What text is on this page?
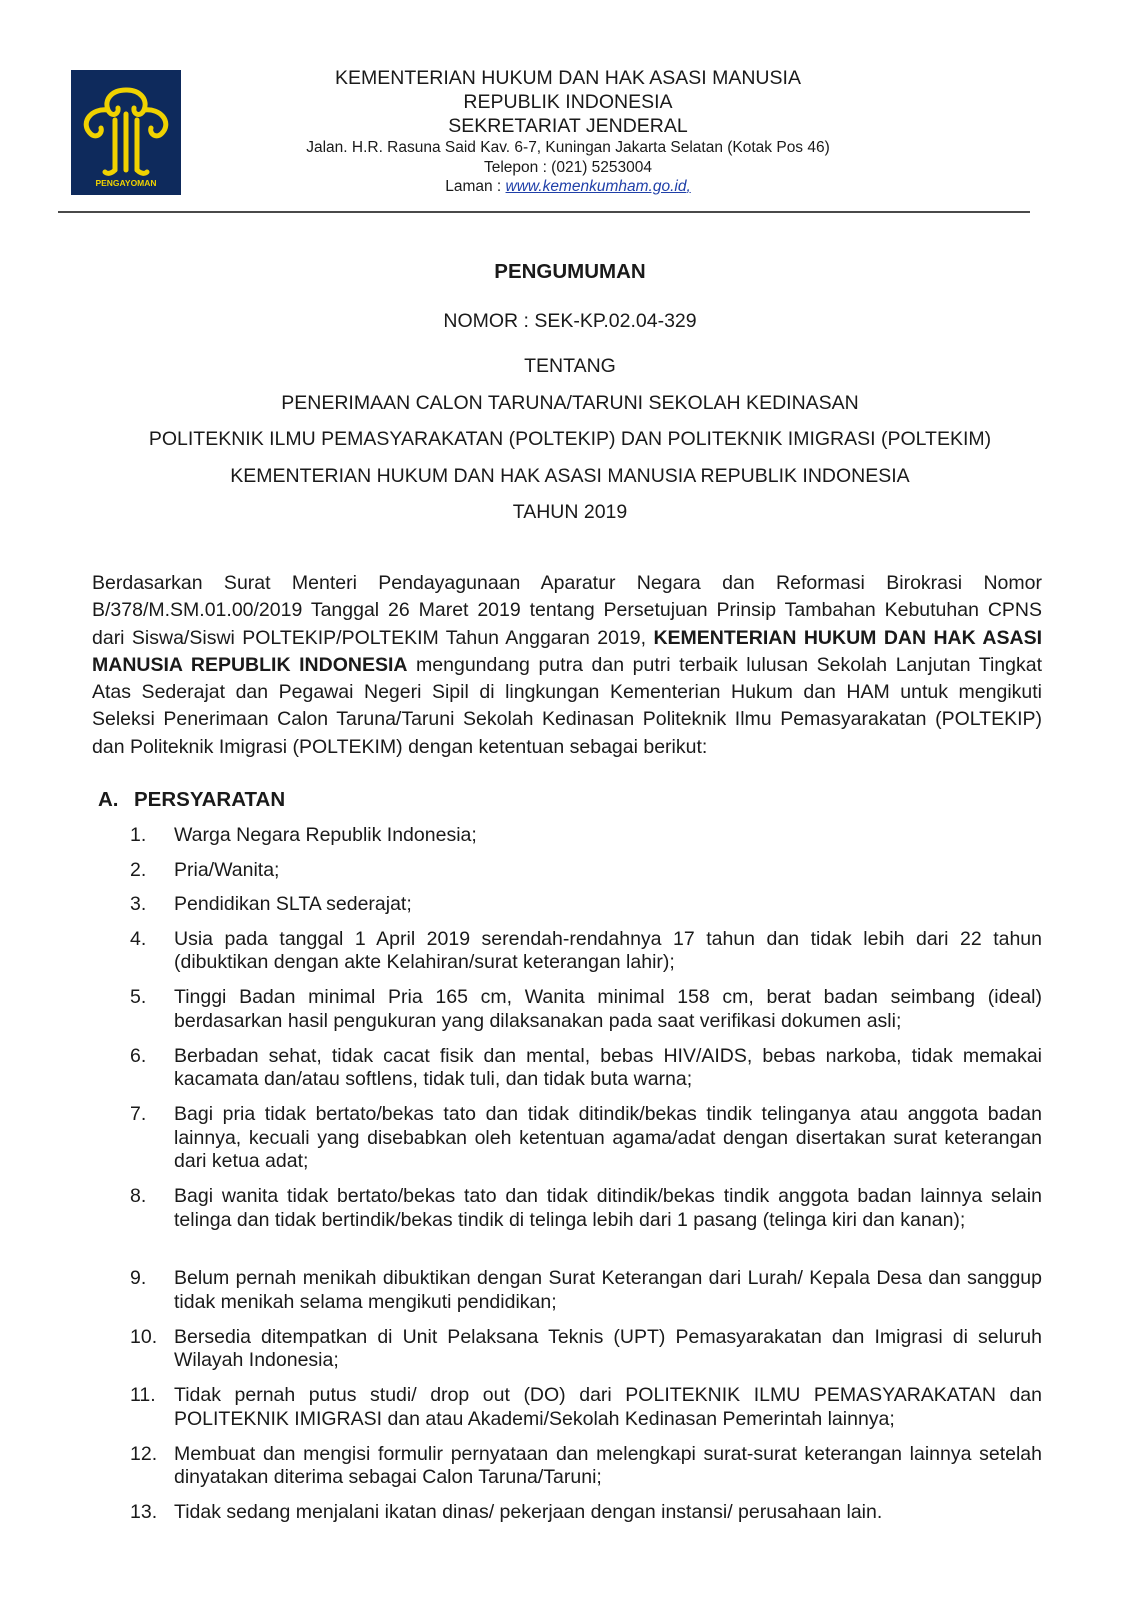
PENGAYOMAN
KEMENTERIAN HUKUM DAN HAK ASASI MANUSIA
REPUBLIK INDONESIA
SEKRETARIAT JENDERAL
Jalan. H.R. Rasuna Said Kav. 6-7, Kuningan Jakarta Selatan (Kotak Pos 46)
Telepon : (021) 5253004
Laman : www.kemenkumham.go.id,
PENGUMUMAN
NOMOR : SEK-KP.02.04-329
TENTANG
PENERIMAAN CALON TARUNA/TARUNI SEKOLAH KEDINASAN
POLITEKNIK ILMU PEMASYARAKATAN (POLTEKIP) DAN POLITEKNIK IMIGRASI (POLTEKIM)
KEMENTERIAN HUKUM DAN HAK ASASI MANUSIA REPUBLIK INDONESIA
TAHUN 2019
Berdasarkan Surat Menteri Pendayagunaan Aparatur Negara dan Reformasi Birokrasi Nomor B/378/M.SM.01.00/2019 Tanggal 26 Maret 2019 tentang Persetujuan Prinsip Tambahan Kebutuhan CPNS dari Siswa/Siswi POLTEKIP/POLTEKIM Tahun Anggaran 2019, KEMENTERIAN HUKUM DAN HAK ASASI MANUSIA REPUBLIK INDONESIA mengundang putra dan putri terbaik lulusan Sekolah Lanjutan Tingkat Atas Sederajat dan Pegawai Negeri Sipil di lingkungan Kementerian Hukum dan HAM untuk mengikuti Seleksi Penerimaan Calon Taruna/Taruni Sekolah Kedinasan Politeknik Ilmu Pemasyarakatan (POLTEKIP) dan Politeknik Imigrasi (POLTEKIM) dengan ketentuan sebagai berikut:
A. PERSYARATAN
1. Warga Negara Republik Indonesia;
2. Pria/Wanita;
3. Pendidikan SLTA sederajat;
4. Usia pada tanggal 1 April 2019 serendah-rendahnya 17 tahun dan tidak lebih dari 22 tahun (dibuktikan dengan akte Kelahiran/surat keterangan lahir);
5. Tinggi Badan minimal Pria 165 cm, Wanita minimal 158 cm, berat badan seimbang (ideal) berdasarkan hasil pengukuran yang dilaksanakan pada saat verifikasi dokumen asli;
6. Berbadan sehat, tidak cacat fisik dan mental, bebas HIV/AIDS, bebas narkoba, tidak memakai kacamata dan/atau softlens, tidak tuli, dan tidak buta warna;
7. Bagi pria tidak bertato/bekas tato dan tidak ditindik/bekas tindik telinganya atau anggota badan lainnya, kecuali yang disebabkan oleh ketentuan agama/adat dengan disertakan surat keterangan dari ketua adat;
8. Bagi wanita tidak bertato/bekas tato dan tidak ditindik/bekas tindik anggota badan lainnya selain telinga dan tidak bertindik/bekas tindik di telinga lebih dari 1 pasang (telinga kiri dan kanan);
9. Belum pernah menikah dibuktikan dengan Surat Keterangan dari Lurah/ Kepala Desa dan sanggup tidak menikah selama mengikuti pendidikan;
10. Bersedia ditempatkan di Unit Pelaksana Teknis (UPT) Pemasyarakatan dan Imigrasi di seluruh Wilayah Indonesia;
11. Tidak pernah putus studi/ drop out (DO) dari POLITEKNIK ILMU PEMASYARAKATAN dan POLITEKNIK IMIGRASI dan atau Akademi/Sekolah Kedinasan Pemerintah lainnya;
12. Membuat dan mengisi formulir pernyataan dan melengkapi surat-surat keterangan lainnya setelah dinyatakan diterima sebagai Calon Taruna/Taruni;
13. Tidak sedang menjalani ikatan dinas/ pekerjaan dengan instansi/ perusahaan lain.
